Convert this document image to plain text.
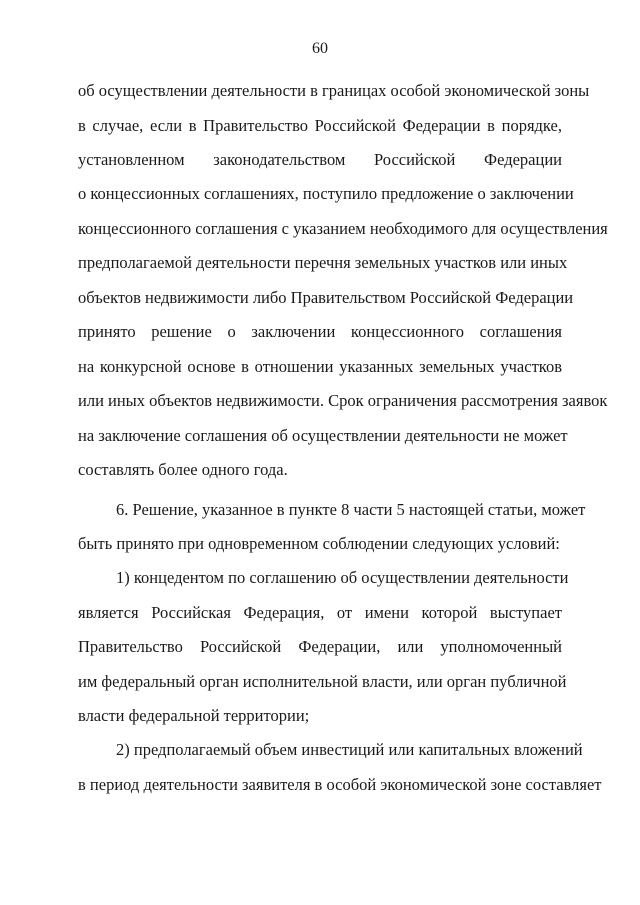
60
об осуществлении деятельности в границах особой экономической зоны
в случае, если в Правительство Российской Федерации в порядке,
установленном законодательством Российской Федерации
о концессионных соглашениях, поступило предложение о заключении
концессионного соглашения с указанием необходимого для осуществления
предполагаемой деятельности перечня земельных участков или иных
объектов недвижимости либо Правительством Российской Федерации
принято решение о заключении концессионного соглашения
на конкурсной основе в отношении указанных земельных участков
или иных объектов недвижимости. Срок ограничения рассмотрения заявок
на заключение соглашения об осуществлении деятельности не может
составлять более одного года.
6. Решение, указанное в пункте 8 части 5 настоящей статьи, может
быть принято при одновременном соблюдении следующих условий:
1) концедентом по соглашению об осуществлении деятельности
является Российская Федерация, от имени которой выступает
Правительство Российской Федерации, или уполномоченный
им федеральный орган исполнительной власти, или орган публичной
власти федеральной территории;
2) предполагаемый объем инвестиций или капитальных вложений
в период деятельности заявителя в особой экономической зоне составляет
